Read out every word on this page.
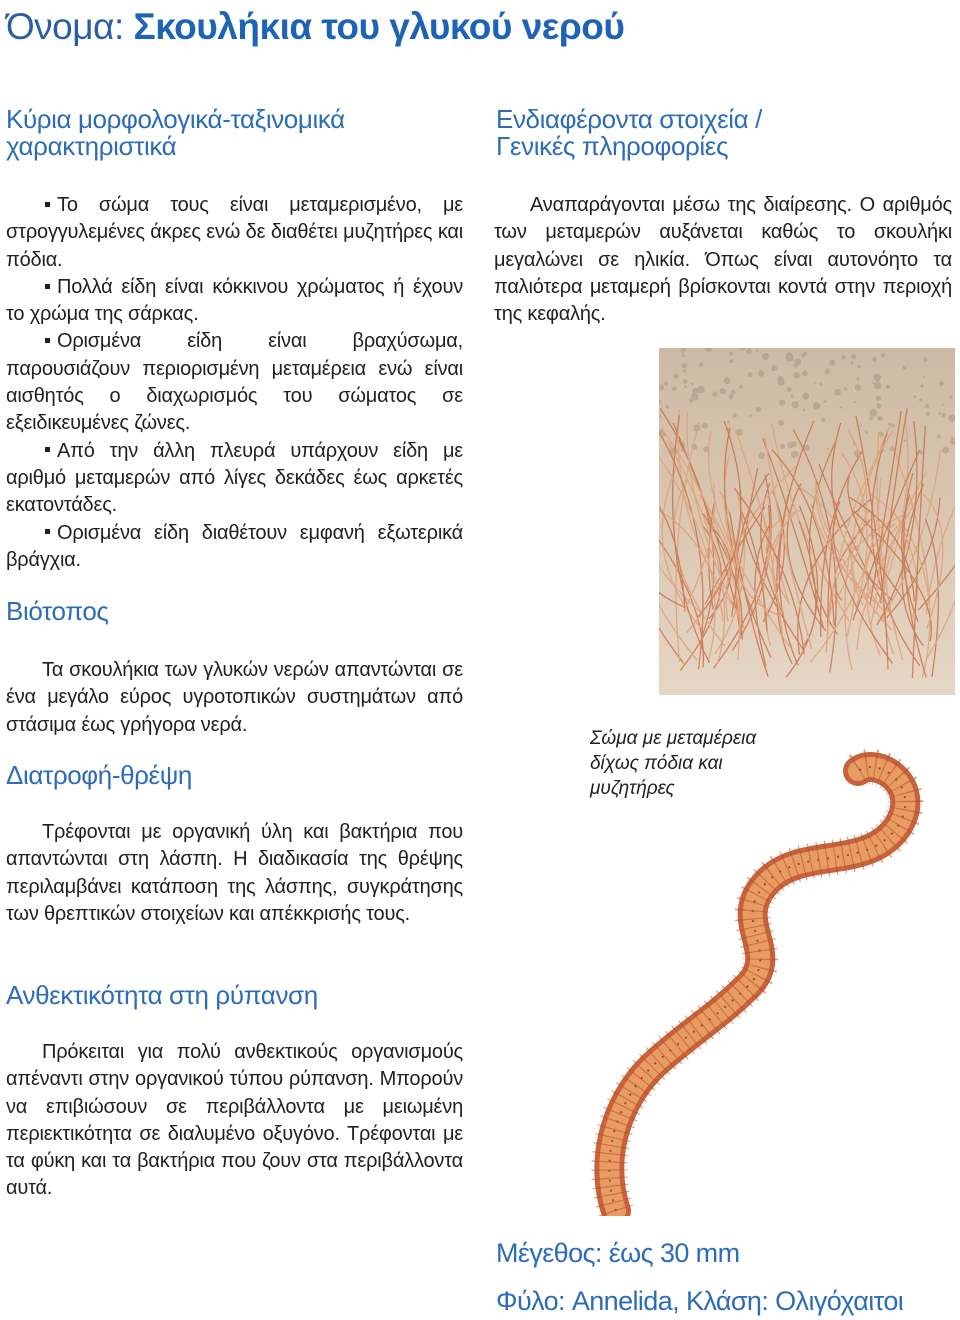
Όνομα: Σκουλήκια του γλυκού νερού
Κύρια μορφολογικά-ταξινομικά
χαρακτηριστικά

Το σώμα τους είναι μεταμερισμένο, με στρογγυλεμένες άκρες ενώ δε διαθέτει μυζητήρες και πόδια.

Πολλά είδη είναι κόκκινου χρώματος ή έχουν το χρώμα της σάρκας.

Ορισμένα είδη είναι βραχύσωμα, παρουσιάζουν περιορισμένη μεταμέρεια ενώ είναι αισθητός ο διαχωρισμός του σώματος σε εξειδικευμένες ζώνες.

Από την άλλη πλευρά υπάρχουν είδη με αριθμό μεταμερών από λίγες δεκάδες έως αρκετές εκατοντάδες.

Ορισμένα είδη διαθέτουν εμφανή εξωτερικά βράγχια.

Βιότοπος

Τα σκουλήκια των γλυκών νερών απαντώνται σε ένα μεγάλο εύρος υγροτοπικών συστημάτων από στάσιμα έως γρήγορα νερά.

Διατροφή-θρέψη

Τρέφονται με οργανική ύλη και βακτήρια που απαντώνται στη λάσπη. Η διαδικασία της θρέψης περιλαμβάνει κατάποση της λάσπης, συγκράτησης των θρεπτικών στοιχείων και απέκκρισής τους.

Ανθεκτικότητα στη ρύπανση

Πρόκειται για πολύ ανθεκτικούς οργανισμούς απέναντι στην οργανικού τύπου ρύπανση. Μπορούν να επιβιώσουν σε περιβάλλοντα με μειωμένη περιεκτικότητα σε διαλυμένο οξυγόνο. Τρέφονται με τα φύκη και τα βακτήρια που ζουν στα περιβάλλοντα αυτά.

Ενδιαφέροντα στοιχεία /
Γενικές πληροφορίες

Αναπαράγονται μέσω της διαίρεσης. Ο αριθμός των μεταμερών αυξάνεται καθώς το σκουλήκι μεγαλώνει σε ηλικία. Όπως είναι αυτονόητο τα παλιότερα μεταμερή βρίσκονται κοντά στην περιοχή της κεφαλής.

Σώμα με μεταμέρεια
δίχως πόδια και
μυζητήρες
Μέγεθος: έως 30 mm
Φύλο: Annelida, Κλάση: Ολιγόχαιτοι
